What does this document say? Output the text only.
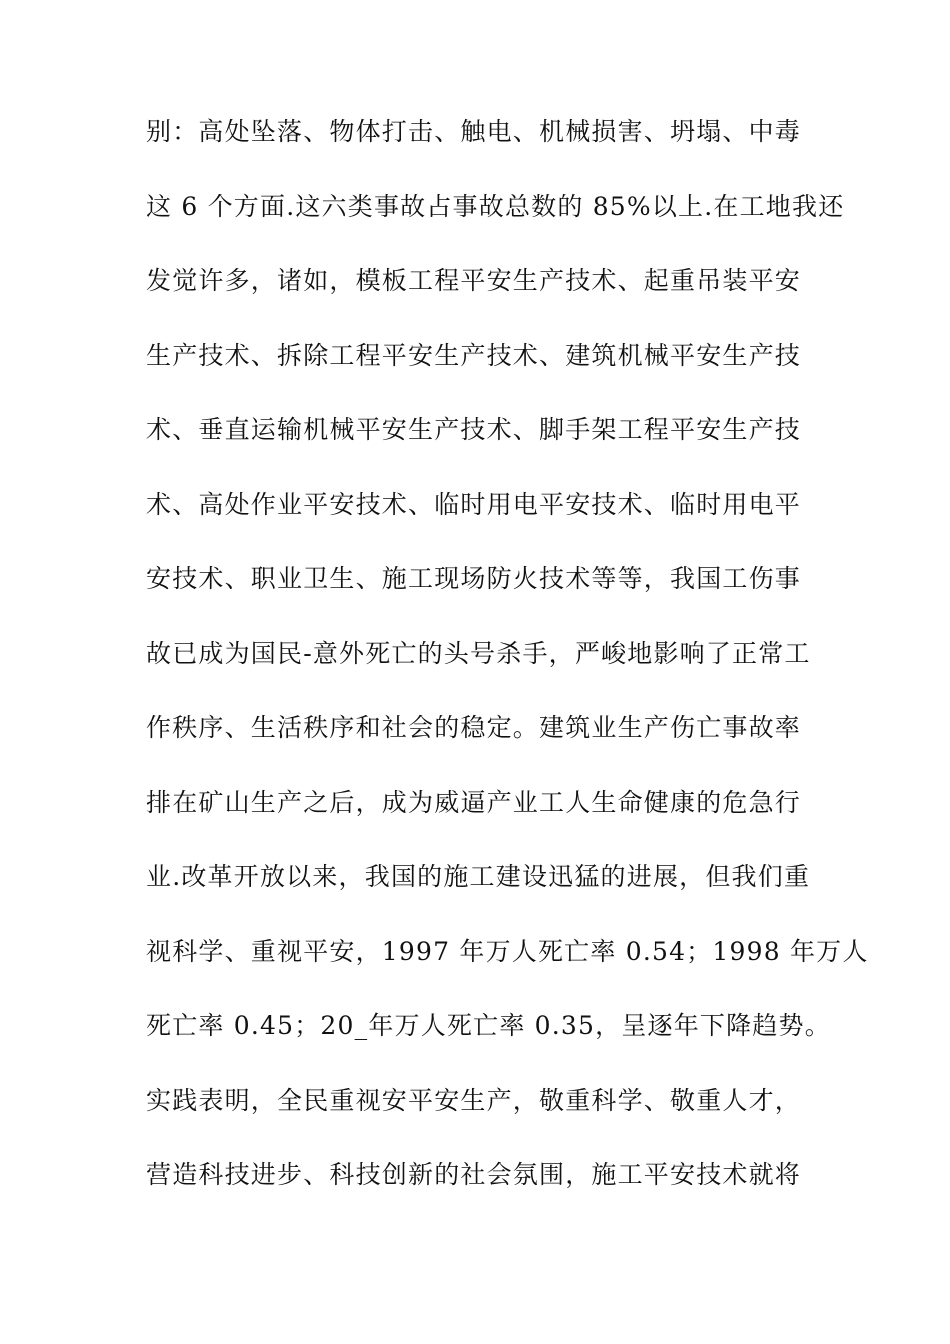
别：高处坠落、物体打击、触电、机械损害、坍塌、中毒
这 6 个方面.这六类事故占事故总数的 85%以上.在工地我还
发觉许多，诸如，模板工程平安生产技术、起重吊装平安
生产技术、拆除工程平安生产技术、建筑机械平安生产技
术、垂直运输机械平安生产技术、脚手架工程平安生产技
术、高处作业平安技术、临时用电平安技术、临时用电平
安技术、职业卫生、施工现场防火技术等等，我国工伤事
故已成为国民-意外死亡的头号杀手，严峻地影响了正常工
作秩序、生活秩序和社会的稳定。建筑业生产伤亡事故率
排在矿山生产之后，成为威逼产业工人生命健康的危急行
业.改革开放以来，我国的施工建设迅猛的进展，但我们重
视科学、重视平安，1997 年万人死亡率 0.54；1998 年万人
死亡率 0.45；20_年万人死亡率 0.35，呈逐年下降趋势。
实践表明，全民重视安平安生产，敬重科学、敬重人才，
营造科技进步、科技创新的社会氛围，施工平安技术就将
